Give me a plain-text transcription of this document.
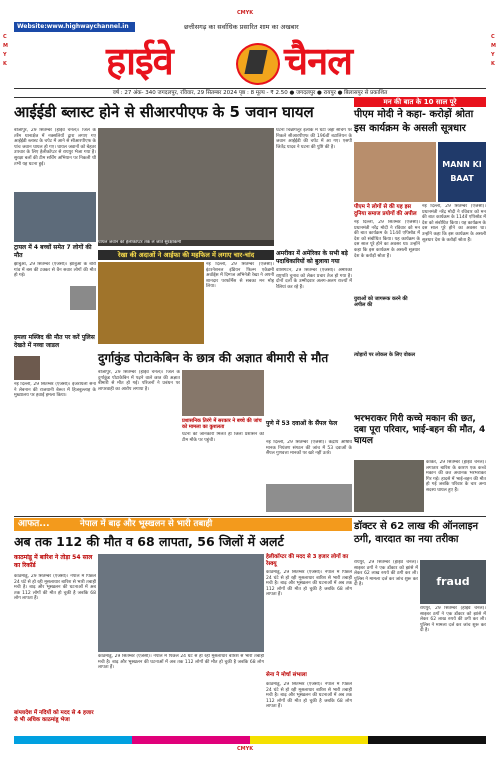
CMYK
C
M
Y
K
C
M
Y
K
CMYK
Website:www.highwaychannel.in	छत्तीसगढ़ का सर्वाधिक प्रसारित शाम का अखबार
हाईवे	चैनल
वर्ष : 27 अंक- 340 जगदलपुर, रविवार, 29 सितम्बर 2024 पृष्ठ : 8 मूल्य - ₹ 2.50 ● जगदलपुर ● रायपुर ● बिलासपुर से प्रकाशित
आईईडी ब्लास्ट होने से सीआरपीएफ के 5 जवान घायल
बीजापुर, 29 सितम्बर (हाईवे चैनल)। जिले के तर्रेम थानाक्षेत्र में नक्सलियों द्वारा लगाए गए आईईडी ब्लास्ट के चपेट में आने से सीआरपीएफ के पांच जवान घायल हो गए। घायल जवानों को बेहतर उपचार के लिए हेलीकॉप्टर से रायपुर भेजा गया है। सुरक्षा बलों की टीम सर्चिंग अभियान पर निकली थी तभी यह घटना हुई।
ट्रायल में 4 बच्चों समेत 7 लोगों की मौत
झाबुआ, 29 सितम्बर (एजेंसी)। झाबुआ के बोरी गांव में बस की टक्कर से वैन सवार लोगों की मौत हो गई।
हमला मस्जिद की मौत पर करें पुलिस देखते में नव्वा जाडल
नई दिल्ली, 29 सितम्बर (एजेंसी)। इजरायली सेना ने लेबनान की राजधानी बेरूत में हिजबुल्लाह के मुख्यालय पर हवाई हमला किया।
घायल जवान को हेलीकॉप्टर तक ले जाते सुरक्षाकर्मी
घटना चिन्नागेलूर इलाके में घटी जहां सर्चिंग पर निकले सीआरपीएफ की 196वीं बटालियन के जवान आईईडी की चपेट में आ गए। एसपी जितेंद्र यादव ने घटना की पुष्टि की है।
मन की बात के 10 साल पूरे
पीएम मोदी ने कहा- करोड़ों श्रोता इस कार्यक्रम के असली सूत्रधार
MANN KI BAAT
पीएम ने लोगों से की यह इस दुनिया समाज प्रयोगों की अपील
नई दिल्ली, 29 सितम्बर (एजेंसी)। प्रधानमंत्री नरेंद्र मोदी ने रविवार को मन की बात कार्यक्रम के 114वें एपिसोड में देश को संबोधित किया। यह कार्यक्रम के दस साल पूरे होने का अवसर था। उन्होंने कहा कि इस कार्यक्रम के असली सूत्रधार देश के करोड़ों श्रोता हैं।
युवाओं को जागरूक करने की अपील की
त्योहारों पर लोकल के लिए वोकल
नई दिल्ली, 29 सितम्बर (एजेंसी)। प्रधानमंत्री नरेंद्र मोदी ने रविवार को मन की बात कार्यक्रम के 114वें एपिसोड में देश को संबोधित किया। यह कार्यक्रम के दस साल पूरे होने का अवसर था। उन्होंने कहा कि इस कार्यक्रम के असली सूत्रधार देश के करोड़ों श्रोता हैं।
रेखा की अदाओं ने आईफा की महफिल में लगाए चार-चांद
नई दिल्ली, 29 सितम्बर (एजेंसी)। इंटरनेशनल इंडियन फिल्म एकेडमी अवॉर्ड्स में दिग्गज अभिनेत्री रेखा ने अपनी शानदार परफॉर्मेंस से सबका मन मोह लिया।
अमरीका में अमेरिका के सभी बड़े पदाधिकारियों को बुलाया गया
वाशिंगटन, 29 सितम्बर (एजेंसी)। अमेरिकी राष्ट्रपति चुनाव को लेकर प्रचार तेज हो गया है। दोनों दलों के उम्मीदवार अलग-अलग राज्यों में रैलियां कर रहे हैं।
दुर्गाकुंड पोटाकेबिन के छात्र की अज्ञात बीमारी से मौत
बीजापुर, 29 सितम्बर (हाईवे चैनल)। जिले के दुर्गाकुंड पोटाकेबिन में पढ़ने वाले छात्र की अज्ञात बीमारी से मौत हो गई। परिजनों ने प्रबंधन पर लापरवाही का आरोप लगाया है।
प्रशासनिक तिरंगे में सरकार ने बच्चे की जांच को मामला का कुशलता
घटना की जानकारी मिलते ही जिला प्रशासन की टीम मौके पर पहुंची।
पुणे में 53 दवाओं के सैंपल फेल
नई दिल्ली, 29 सितम्बर (एजेंसी)। केंद्रीय औषधि मानक नियंत्रण संगठन की जांच में 53 दवाओं के सैंपल गुणवत्ता मानकों पर खरे नहीं उतरे।
भरभराकर गिरी कच्चे मकान की छत, दबा पूरा परिवार, भाई-बहन की मौत, 4 घायल
कांकेर, 29 सितम्बर (हाईवे चैनल)। लगातार बारिश के कारण एक कच्चे मकान की छत अचानक भरभराकर गिर गई। हादसे में भाई-बहन की मौत हो गई जबकि परिवार के चार अन्य सदस्य घायल हुए हैं।
आफत...	नेपाल में बाढ़ और भूस्खलन से भारी तबाही
अब तक 112 की मौत व 68 लापता, 56 जिलों में अलर्ट
काठमांडू में बारिश ने तोड़ा 54 साल का रिकॉर्ड
काठमांडू, 29 सितम्बर (एजेंसी)। नेपाल में पिछले 24 घंटे से हो रही मूसलाधार बारिश से भारी तबाही मची है। बाढ़ और भूस्खलन की घटनाओं में अब तक 112 लोगों की मौत हो चुकी है जबकि 68 लोग लापता हैं।
बांग्लादेश में नदियों को मदद से 4 हजार से भी अधिक काठमांडू भेजा
काठमांडू, 29 सितम्बर (एजेंसी)। नेपाल में पिछले 24 घंटे से हो रही मूसलाधार बारिश से भारी तबाही मची है। बाढ़ और भूस्खलन की घटनाओं में अब तक 112 लोगों की मौत हो चुकी है जबकि 68 लोग लापता हैं।
हेलीकॉप्टर की मदद से 3 हजार लोगों का रेस्क्यू
काठमांडू, 29 सितम्बर (एजेंसी)। नेपाल में पिछले 24 घंटे से हो रही मूसलाधार बारिश से भारी तबाही मची है। बाढ़ और भूस्खलन की घटनाओं में अब तक 112 लोगों की मौत हो चुकी है जबकि 68 लोग लापता हैं।
सेना ने मोर्चा संभाला
काठमांडू, 29 सितम्बर (एजेंसी)। नेपाल में पिछले 24 घंटे से हो रही मूसलाधार बारिश से भारी तबाही मची है। बाढ़ और भूस्खलन की घटनाओं में अब तक 112 लोगों की मौत हो चुकी है जबकि 68 लोग लापता हैं।
डॉक्टर से 62 लाख की ऑनलाइन ठगी, वारदात का नया तरीका
रायपुर, 29 सितम्बर (हाईवे चैनल)। साइबर ठगों ने एक डॉक्टर को झांसे में लेकर 62 लाख रुपये की ठगी कर ली। पुलिस ने मामला दर्ज कर जांच शुरू कर दी है।	fraud
रायपुर, 29 सितम्बर (हाईवे चैनल)। साइबर ठगों ने एक डॉक्टर को झांसे में लेकर 62 लाख रुपये की ठगी कर ली। पुलिस ने मामला दर्ज कर जांच शुरू कर दी है।
